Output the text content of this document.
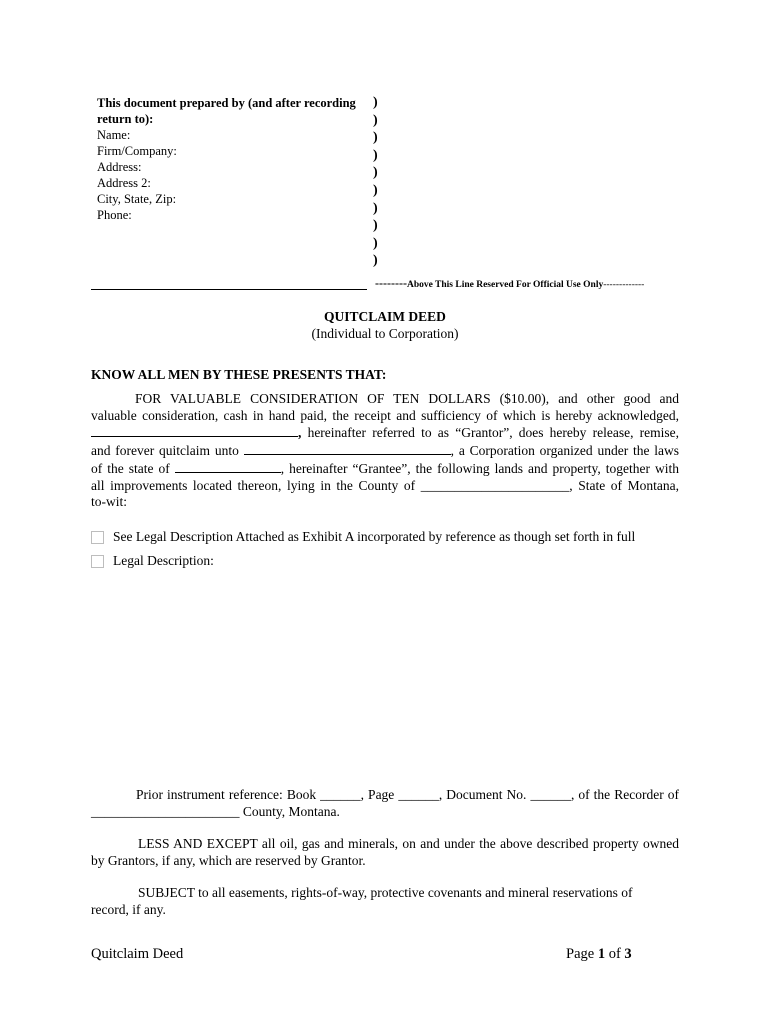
This document prepared by (and after recording
return to):
Name:
Firm/Company:
Address:
Address 2:
City, State, Zip:
Phone:
)
)
)
)
)
)
)
)
)
)
--------Above This Line Reserved For Official Use Only-------------
QUITCLAIM DEED
(Individual to Corporation)
KNOW ALL MEN BY THESE PRESENTS THAT:
FOR VALUABLE CONSIDERATION OF TEN DOLLARS ($10.00), and other good and
valuable consideration, cash in hand paid, the receipt and sufficiency of which is hereby acknowledged,
, hereinafter referred to as “Grantor”, does hereby release, remise,
and forever quitclaim unto	, a Corporation organized under the laws
of the state of	, hereinafter “Grantee”, the following lands and property, together with
all improvements located thereon, lying in the County of ______________________, State of Montana,
to-wit:
See Legal Description Attached as Exhibit A incorporated by reference as though set forth in full
Legal Description:
Prior instrument reference: Book ______, Page ______, Document No. ______, of the Recorder of
______________________ County, Montana.
LESS AND EXCEPT all oil, gas and minerals, on and under the above described property owned
by Grantors, if any, which are reserved by Grantor.
SUBJECT to all easements, rights-of-way, protective covenants and mineral reservations of
record, if any.
Quitclaim Deed	Page 1 of 3
